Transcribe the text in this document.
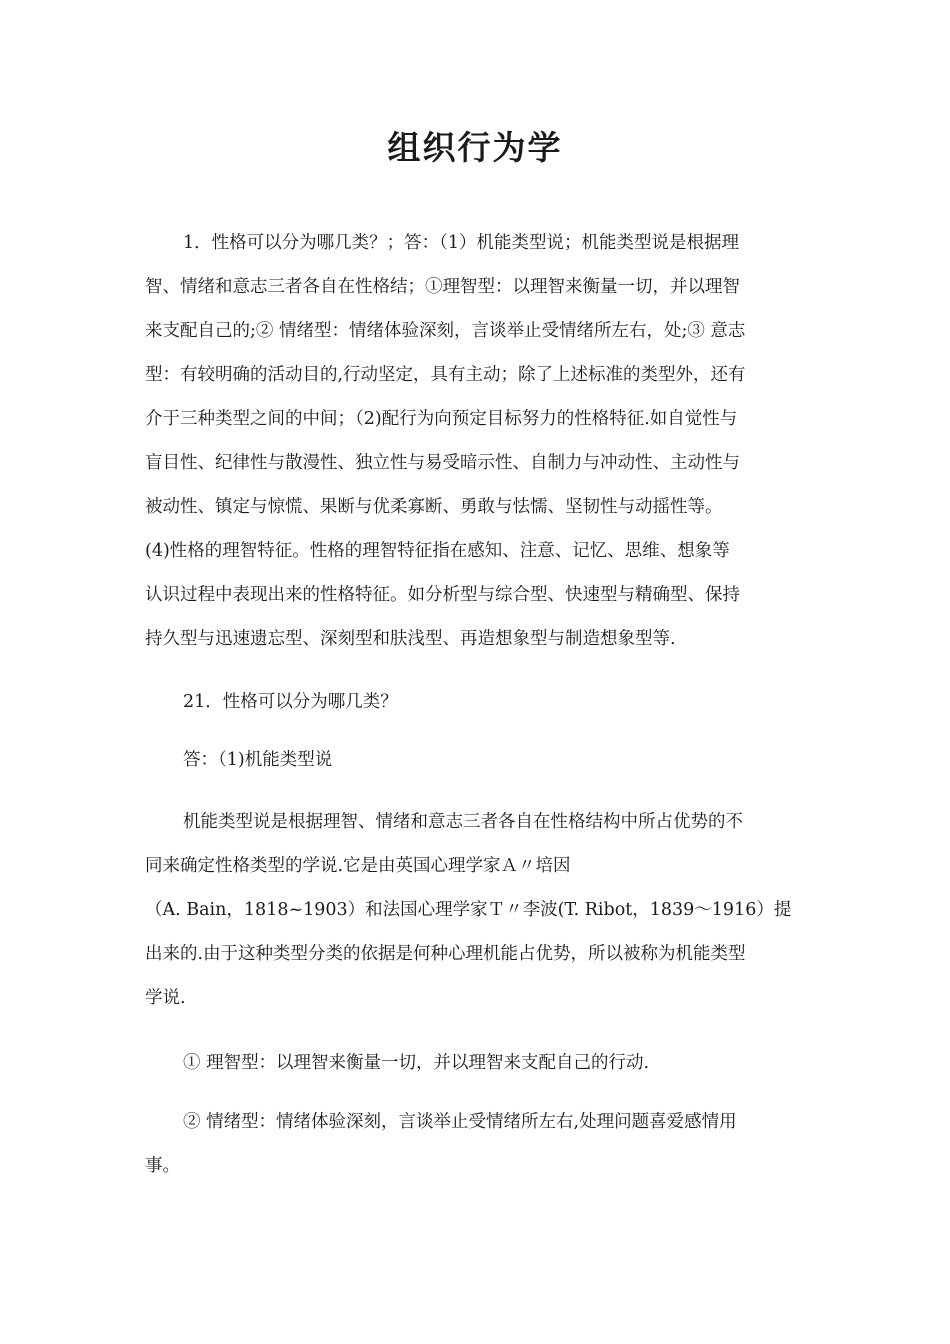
组织行为学
1．性格可以分为哪几类？；答：（1）机能类型说；机能类型说是根据理
智、情绪和意志三者各自在性格结；①理智型：以理智来衡量一切，并以理智
来支配自己的;② 情绪型：情绪体验深刻，言谈举止受情绪所左右，处;③ 意志
型：有较明确的活动目的,行动坚定，具有主动；除了上述标准的类型外，还有
介于三种类型之间的中间；（2)配行为向预定目标努力的性格特征.如自觉性与
盲目性、纪律性与散漫性、独立性与易受暗示性、自制力与冲动性、主动性与
被动性、镇定与惊慌、果断与优柔寡断、勇敢与怯懦、坚韧性与动摇性等。
(4)性格的理智特征。性格的理智特征指在感知、注意、记忆、思维、想象等
认识过程中表现出来的性格特征。如分析型与综合型、快速型与精确型、保持
持久型与迅速遗忘型、深刻型和肤浅型、再造想象型与制造想象型等.
21．性格可以分为哪几类？
答：（1)机能类型说
机能类型说是根据理智、情绪和意志三者各自在性格结构中所占优势的不
同来确定性格类型的学说.它是由英国心理学家Ａ〃培因
（A. Bain，1818~1903）和法国心理学家Ｔ〃李波(T. Ribot，1839～1916）提
出来的.由于这种类型分类的依据是何种心理机能占优势，所以被称为机能类型
学说.
① 理智型：以理智来衡量一切，并以理智来支配自己的行动.
② 情绪型：情绪体验深刻，言谈举止受情绪所左右,处理问题喜爱感情用
事。
